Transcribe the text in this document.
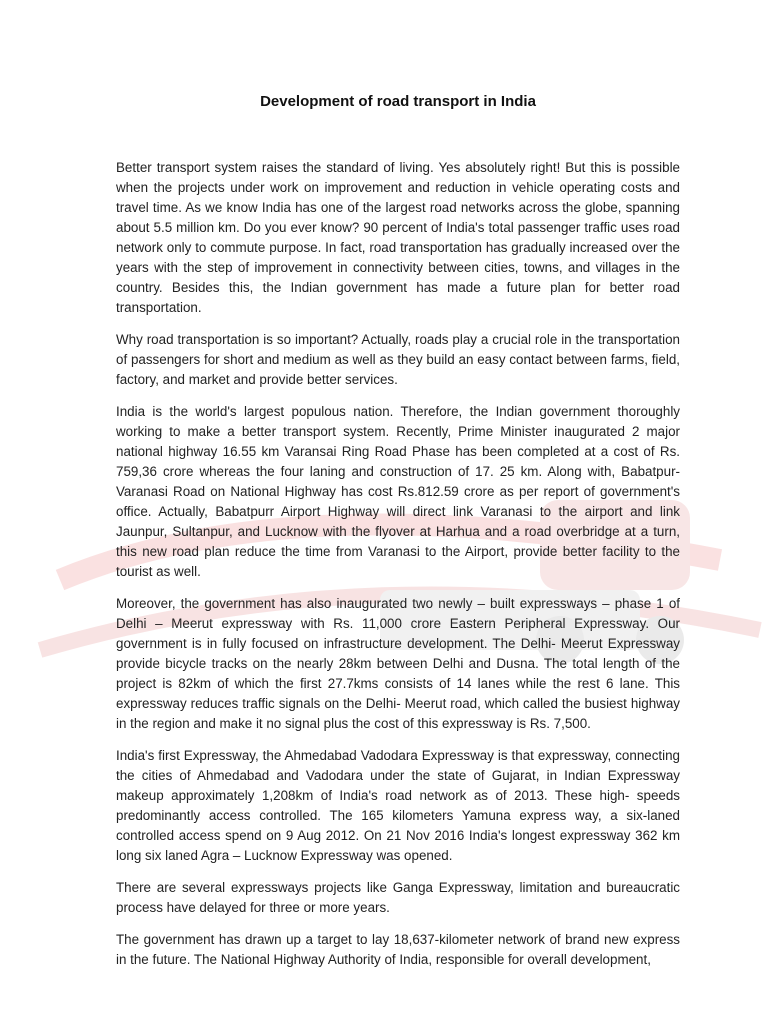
Development of road transport in India

Better transport system raises the standard of living. Yes absolutely right! But this is possible when the projects under work on improvement and reduction in vehicle operating costs and travel time. As we know India has one of the largest road networks across the globe, spanning about 5.5 million km. Do you ever know? 90 percent of India's total passenger traffic uses road network only to commute purpose. In fact, road transportation has gradually increased over the years with the step of improvement in connectivity between cities, towns, and villages in the country. Besides this, the Indian government has made a future plan for better road transportation.

Why road transportation is so important? Actually, roads play a crucial role in the transportation of passengers for short and medium as well as they build an easy contact between farms, field, factory, and market and provide better services.

India is the world's largest populous nation. Therefore, the Indian government thoroughly working to make a better transport system. Recently, Prime Minister inaugurated 2 major national highway 16.55 km Varansai Ring Road Phase has been completed at a cost of Rs. 759,36 crore whereas the four laning and construction of 17. 25 km. Along with, Babatpur- Varanasi Road on National Highway has cost Rs.812.59 crore as per report of government's office. Actually, Babatpurr Airport Highway will direct link Varanasi to the airport and link Jaunpur, Sultanpur, and Lucknow with the flyover at Harhua and a road overbridge at a turn, this new road plan reduce the time from Varanasi to the Airport, provide better facility to the tourist as well.

Moreover, the government has also inaugurated two newly – built expressways – phase 1 of Delhi – Meerut expressway with Rs. 11,000 crore Eastern Peripheral Expressway. Our government is in fully focused on infrastructure development. The Delhi- Meerut Expressway provide bicycle tracks on the nearly 28km between Delhi and Dusna. The total length of the project is 82km of which the first 27.7kms consists of 14 lanes while the rest 6 lane. This expressway reduces traffic signals on the Delhi- Meerut road, which called the busiest highway in the region and make it no signal plus the cost of this expressway is Rs. 7,500.

India's first Expressway, the Ahmedabad Vadodara Expressway is that expressway, connecting the cities of Ahmedabad and Vadodara under the state of Gujarat, in Indian Expressway makeup approximately 1,208km of India's road network as of 2013. These high- speeds predominantly access controlled. The 165 kilometers Yamuna express way, a six-laned controlled access spend on 9 Aug 2012. On 21 Nov 2016 India's longest expressway 362 km long six laned Agra – Lucknow Expressway was opened.

There are several expressways projects like Ganga Expressway, limitation and bureaucratic process have delayed for three or more years.

The government has drawn up a target to lay 18,637-kilometer network of brand new express in the future. The National Highway Authority of India, responsible for overall development,
